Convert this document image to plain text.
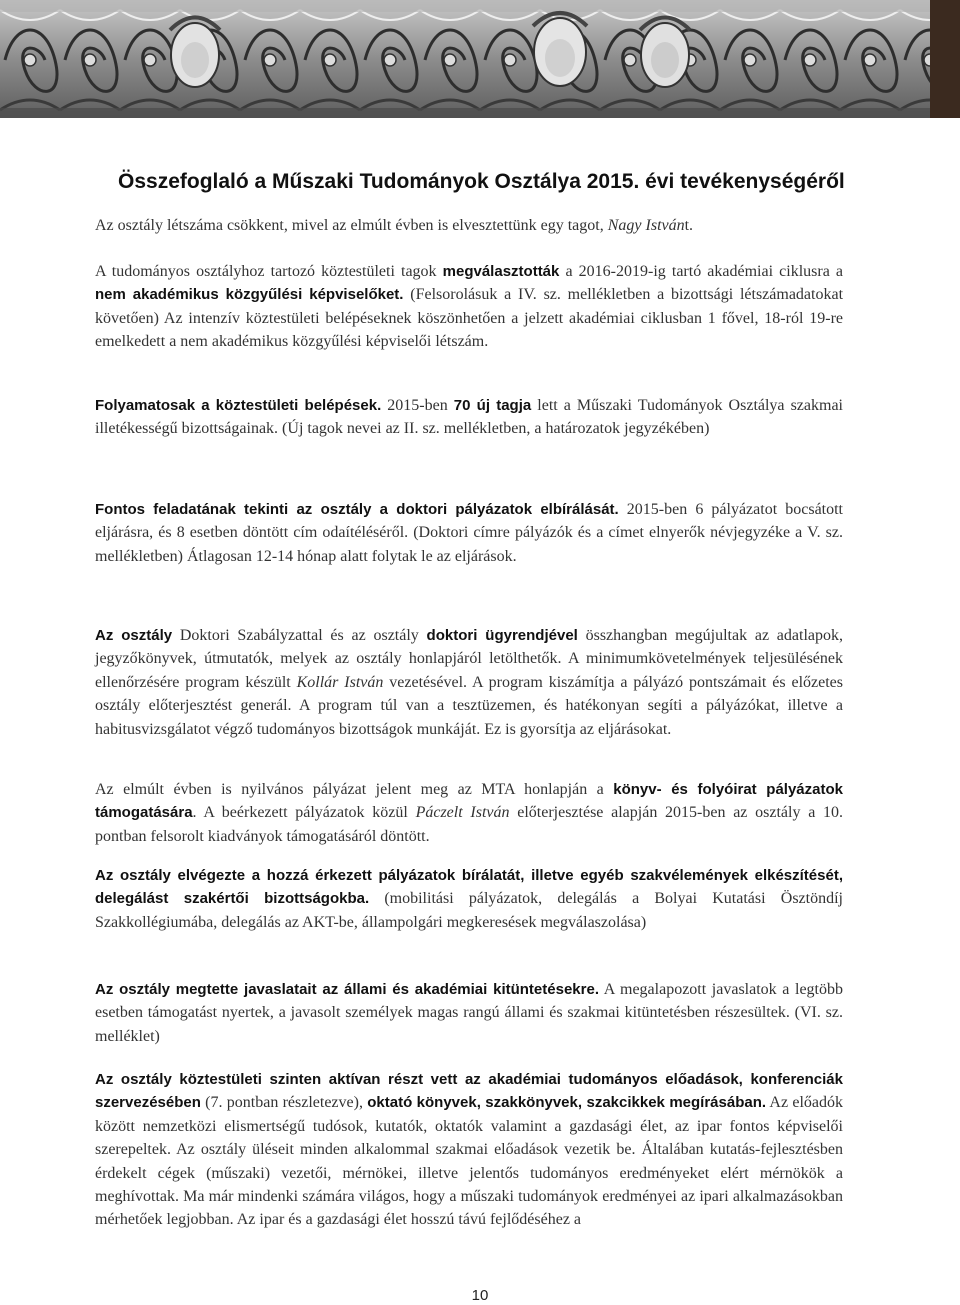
Összefoglaló a Műszaki Tudományok Osztálya 2015. évi tevékenységéről

Az osztály létszáma csökkent, mivel az elmúlt évben is elvesztettünk egy tagot, Nagy Istvánt.

A tudományos osztályhoz tartozó köztestületi tagok megválasztották a 2016-2019-ig tartó akadémiai ciklusra a nem akadémikus közgyűlési képviselőket. (Felsorolásuk a IV. sz. mellékletben a bizottsági létszámadatokat követően) Az intenzív köztestületi belépéseknek köszönhetően a jelzett akadémiai ciklusban 1 fővel, 18-ról 19-re emelkedett a nem akadémikus közgyűlési képviselői létszám.

Folyamatosak a köztestületi belépések. 2015-ben 70 új tagja lett a Műszaki Tudományok Osztálya szakmai illetékességű bizottságainak. (Új tagok nevei az II. sz. mellékletben, a határozatok jegyzékében)

Fontos feladatának tekinti az osztály a doktori pályázatok elbírálását. 2015-ben 6 pályázatot bocsátott eljárásra, és 8 esetben döntött cím odaítéléséről. (Doktori címre pályázók és a címet elnyerők névjegyzéke a V. sz. mellékletben) Átlagosan 12-14 hónap alatt folytak le az eljárások.

Az osztály Doktori Szabályzattal és az osztály doktori ügyrendjével összhangban megújultak az adatlapok, jegyzőkönyvek, útmutatók, melyek az osztály honlapjáról letölthetők. A minimumkövetelmények teljesülésének ellenőrzésére program készült Kollár István vezetésével. A program kiszámítja a pályázó pontszámait és előzetes osztály előterjesztést generál. A program túl van a tesztüzemen, és hatékonyan segíti a pályázókat, illetve a habitusvizsgálatot végző tudományos bizottságok munkáját. Ez is gyorsítja az eljárásokat.

Az elmúlt évben is nyilvános pályázat jelent meg az MTA honlapján a könyv- és folyóirat pályázatok támogatására. A beérkezett pályázatok közül Páczelt István előterjesztése alapján 2015-ben az osztály a 10. pontban felsorolt kiadványok támogatásáról döntött.

Az osztály elvégezte a hozzá érkezett pályázatok bírálatát, illetve egyéb szakvélemények elkészítését, delegálást szakértői bizottságokba. (mobilitási pályázatok, delegálás a Bolyai Kutatási Ösztöndíj Szakkollégiumába, delegálás az AKT-be, állampolgári megkeresések megválaszolása)

Az osztály megtette javaslatait az állami és akadémiai kitüntetésekre. A megalapozott javaslatok a legtöbb esetben támogatást nyertek, a javasolt személyek magas rangú állami és szakmai kitüntetésben részesültek. (VI. sz. melléklet)

Az osztály köztestületi szinten aktívan részt vett az akadémiai tudományos előadások, konferenciák szervezésében (7. pontban részletezve), oktató könyvek, szakkönyvek, szakcikkek megírásában. Az előadók között nemzetközi elismertségű tudósok, kutatók, oktatók valamint a gazdasági élet, az ipar fontos képviselői szerepeltek. Az osztály üléseit minden alkalommal szakmai előadások vezetik be. Általában kutatás-fejlesztésben érdekelt cégek (műszaki) vezetői, mérnökei, illetve jelentős tudományos eredményeket elért mérnökök a meghívottak. Ma már mindenki számára világos, hogy a műszaki tudományok eredményei az ipari alkalmazásokban mérhetőek legjobban. Az ipar és a gazdasági élet hosszú távú fejlődéséhez a

10
